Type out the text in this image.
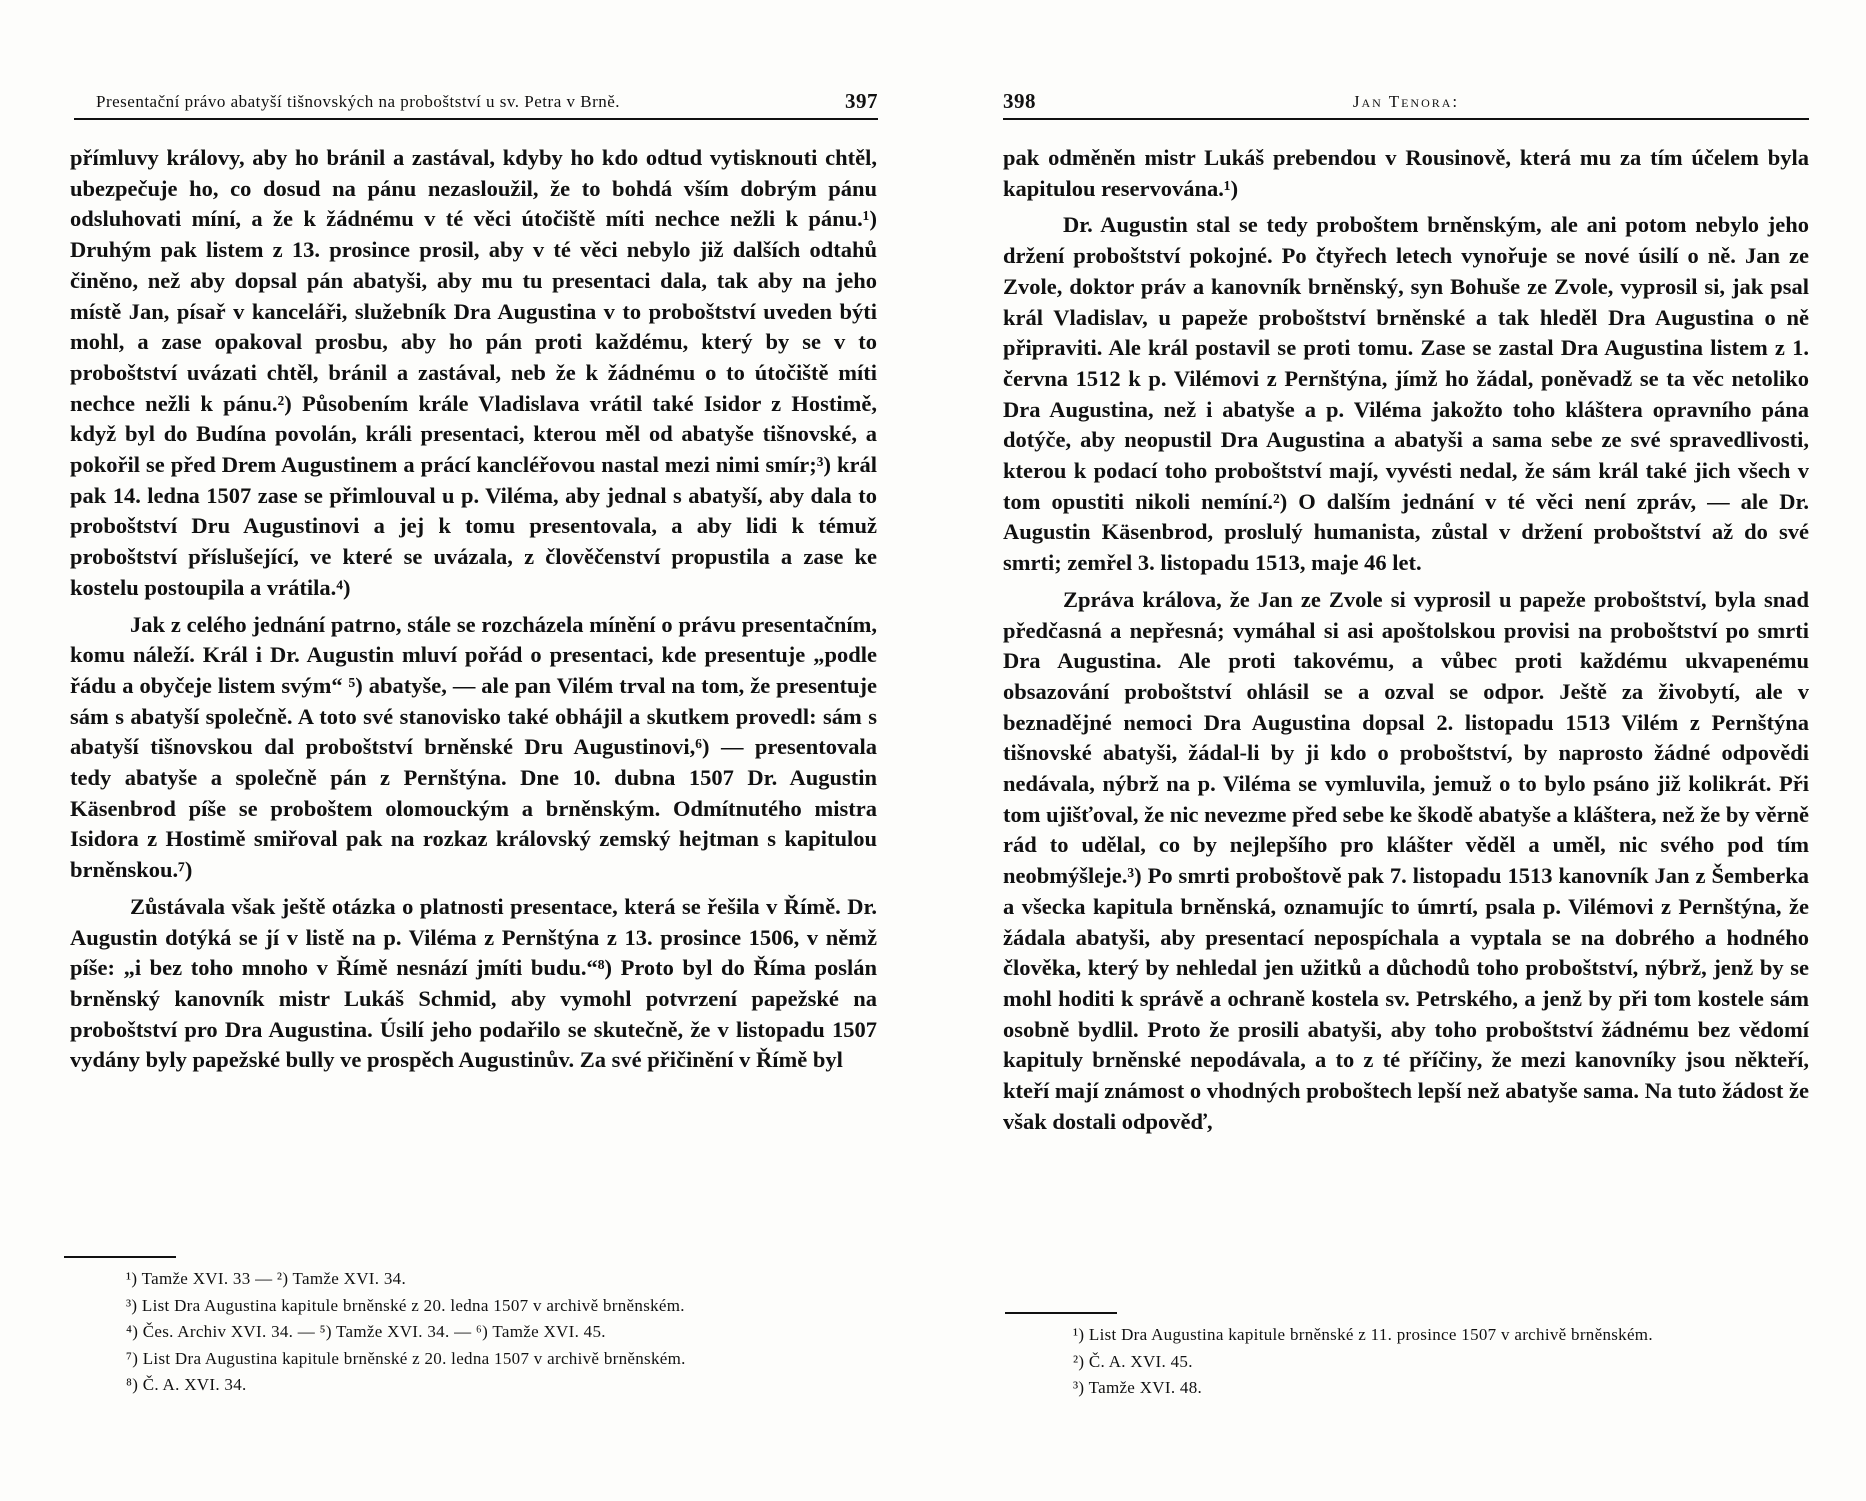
Presentační právo abatyší tišnovských na proboštství u sv. Petra v Brně.	397

přímluvy královy, aby ho bránil a zastával, kdyby ho kdo odtud vytisknouti chtěl, ubezpečuje ho, co dosud na pánu nezasloužil, že to bohdá vším dobrým pánu odsluhovati míní, a že k žádnému v té věci útočiště míti nechce nežli k pánu.¹) Druhým pak listem z 13. prosince prosil, aby v té věci nebylo již dalších odtahů činěno, než aby dopsal pán abatyši, aby mu tu presentaci dala, tak aby na jeho místě Jan, písař v kanceláři, služebník Dra Augustina v to proboštství uveden býti mohl, a zase opakoval prosbu, aby ho pán proti každému, který by se v to proboštství uvázati chtěl, bránil a zastával, neb že k žádnému o to útočiště míti nechce nežli k pánu.²) Působením krále Vladislava vrátil také Isidor z Hostimě, když byl do Budína povolán, králi presentaci, kterou měl od abatyše tišnovské, a pokořil se před Drem Augustinem a prácí kancléřovou nastal mezi nimi smír;³) král pak 14. ledna 1507 zase se přimlouval u p. Viléma, aby jednal s abatyší, aby dala to proboštství Dru Augustinovi a jej k tomu presentovala, a aby lidi k témuž proboštství příslušející, ve které se uvázala, z člověčenství propustila a zase ke kostelu postoupila a vrátila.⁴)

Jak z celého jednání patrno, stále se rozcházela mínění o právu presentačním, komu náleží. Král i Dr. Augustin mluví pořád o presentaci, kde presentuje „podle řádu a obyčeje listem svým“ ⁵) abatyše, — ale pan Vilém trval na tom, že presentuje sám s abatyší společně. A toto své stanovisko také obhájil a skutkem provedl: sám s abatyší tišnovskou dal proboštství brněnské Dru Augustinovi,⁶) — presentovala tedy abatyše a společně pán z Pernštýna. Dne 10. dubna 1507 Dr. Augustin Käsenbrod píše se proboštem olomouckým a brněnským. Odmítnutého mistra Isidora z Hostimě smiřoval pak na rozkaz královský zemský hejtman s kapitulou brněnskou.⁷)

Zůstávala však ještě otázka o platnosti presentace, která se řešila v Římě. Dr. Augustin dotýká se jí v listě na p. Viléma z Pernštýna z 13. prosince 1506, v němž píše: „i bez toho mnoho v Římě nesnází jmíti budu.“⁸) Proto byl do Říma poslán brněnský kanovník mistr Lukáš Schmid, aby vymohl potvrzení papežské na proboštství pro Dra Augustina. Úsilí jeho podařilo se skutečně, že v listopadu 1507 vydány byly papežské bully ve prospěch Augustinův. Za své přičinění v Římě byl

¹) Tamže XVI. 33 — ²) Tamže XVI. 34.
³) List Dra Augustina kapitule brněnské z 20. ledna 1507 v archivě brněnském.
⁴) Čes. Archiv XVI. 34. — ⁵) Tamže XVI. 34. — ⁶) Tamže XVI. 45.
⁷) List Dra Augustina kapitule brněnské z 20. ledna 1507 v archivě brněnském.
⁸) Č. A. XVI. 34.
398	Jan Tenora:

pak odměněn mistr Lukáš prebendou v Rousinově, která mu za tím účelem byla kapitulou reservována.¹)

Dr. Augustin stal se tedy proboštem brněnským, ale ani potom nebylo jeho držení proboštství pokojné. Po čtyřech letech vynořuje se nové úsilí o ně. Jan ze Zvole, doktor práv a kanovník brněnský, syn Bohuše ze Zvole, vyprosil si, jak psal král Vladislav, u papeže proboštství brněnské a tak hleděl Dra Augustina o ně připraviti. Ale král postavil se proti tomu. Zase se zastal Dra Augustina listem z 1. června 1512 k p. Vilémovi z Pernštýna, jímž ho žádal, poněvadž se ta věc netoliko Dra Augustina, než i abatyše a p. Viléma jakožto toho kláštera opravního pána dotýče, aby neopustil Dra Augustina a abatyši a sama sebe ze své spravedlivosti, kterou k podací toho proboštství mají, vyvésti nedal, že sám král také jich všech v tom opustiti nikoli nemíní.²) O dalším jednání v té věci není zpráv, — ale Dr. Augustin Käsenbrod, proslulý humanista, zůstal v držení proboštství až do své smrti; zemřel 3. listopadu 1513, maje 46 let.

Zpráva králova, že Jan ze Zvole si vyprosil u papeže proboštství, byla snad předčasná a nepřesná; vymáhal si asi apoštolskou provisi na proboštství po smrti Dra Augustina. Ale proti takovému, a vůbec proti každému ukvapenému obsazování proboštství ohlásil se a ozval se odpor. Ještě za živobytí, ale v beznadějné nemoci Dra Augustina dopsal 2. listopadu 1513 Vilém z Pernštýna tišnovské abatyši, žádal-li by ji kdo o proboštství, by naprosto žádné odpovědi nedávala, nýbrž na p. Viléma se vymluvila, jemuž o to bylo psáno již kolikrát. Při tom ujišťoval, že nic nevezme před sebe ke škodě abatyše a kláštera, než že by věrně rád to udělal, co by nejlepšího pro klášter věděl a uměl, nic svého pod tím neobmýšleje.³) Po smrti proboštově pak 7. listopadu 1513 kanovník Jan z Šemberka a všecka kapitula brněnská, oznamujíc to úmrtí, psala p. Vilémovi z Pernštýna, že žádala abatyši, aby presentací nepospíchala a vyptala se na dobrého a hodného člověka, který by nehledal jen užitků a důchodů toho proboštství, nýbrž, jenž by se mohl hoditi k správě a ochraně kostela sv. Petrského, a jenž by při tom kostele sám osobně bydlil. Proto že prosili abatyši, aby toho proboštství žádnému bez vědomí kapituly brněnské nepodávala, a to z té příčiny, že mezi kanovníky jsou někteří, kteří mají známost o vhodných proboštech lepší než abatyše sama. Na tuto žádost že však dostali odpověď,

¹) List Dra Augustina kapitule brněnské z 11. prosince 1507 v archivě brněnském.
²) Č. A. XVI. 45.
³) Tamže XVI. 48.
